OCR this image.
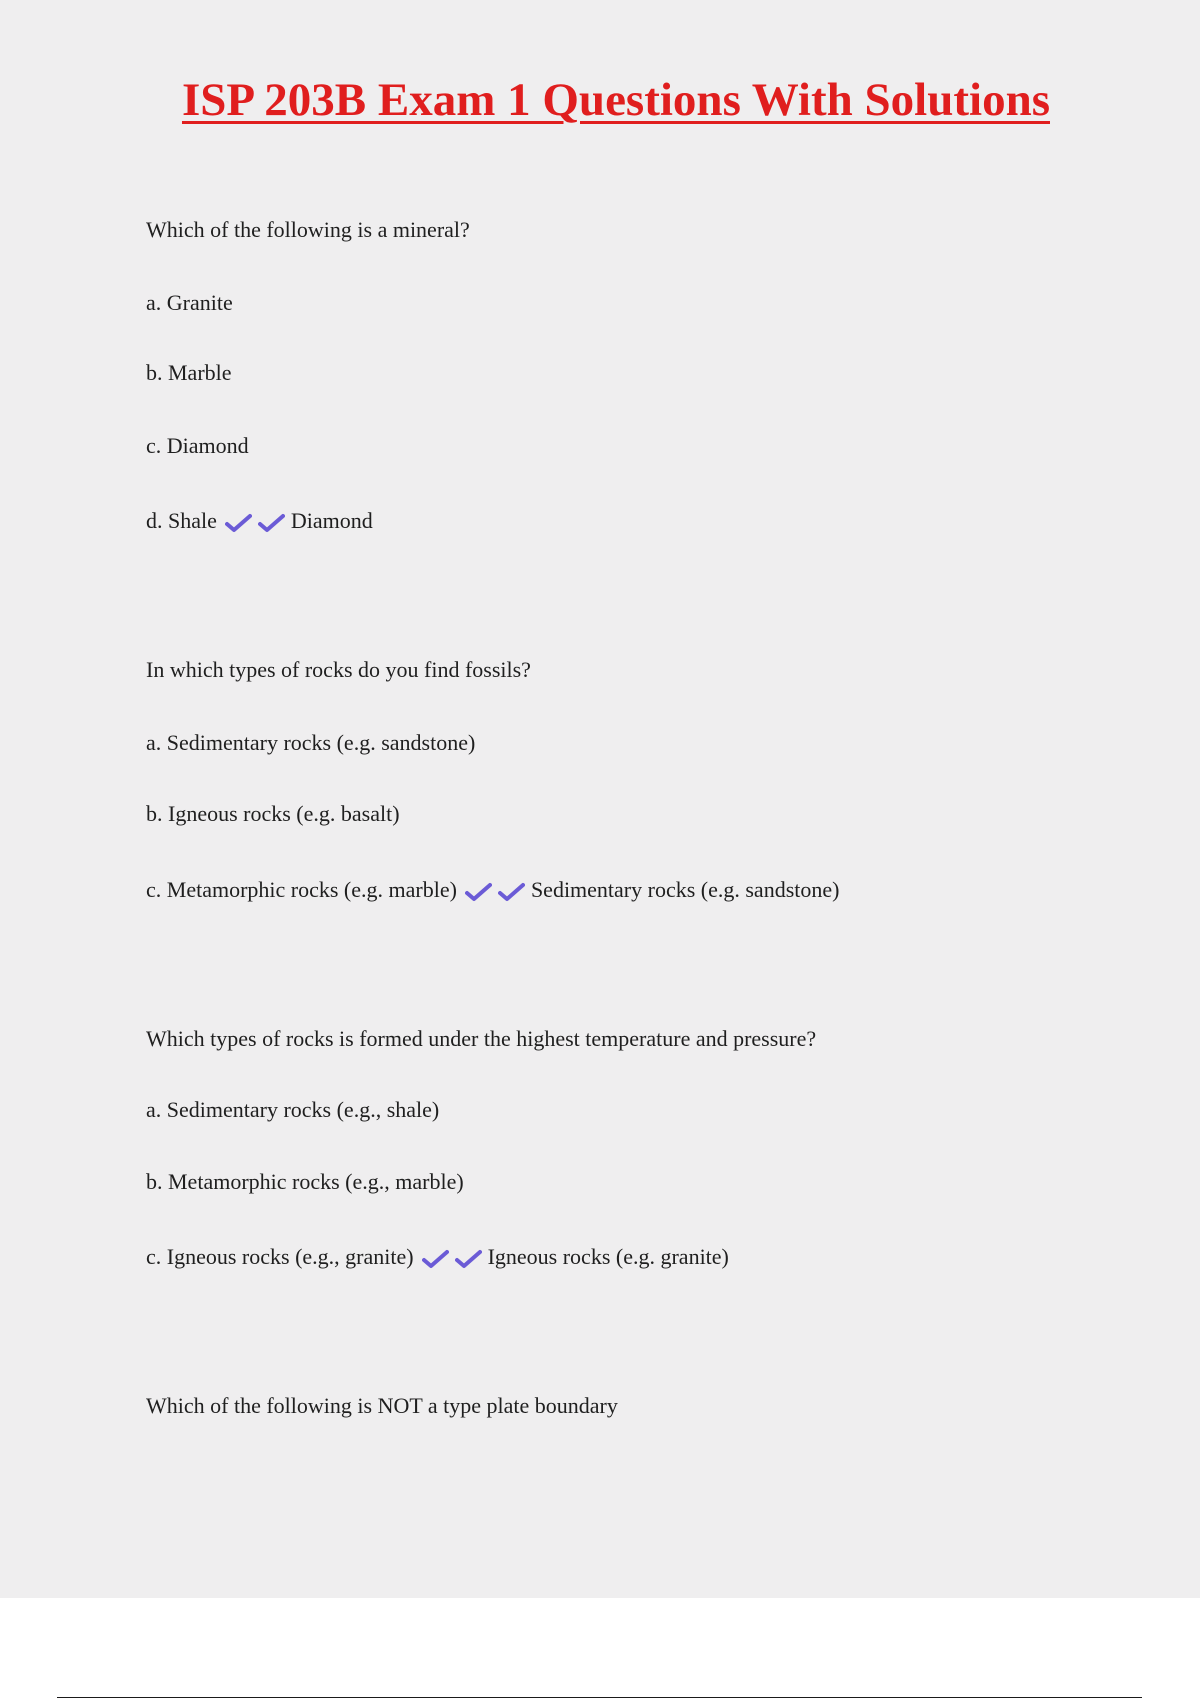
ISP 203B Exam 1 Questions With Solutions

Which of the following is a mineral?

a. Granite

b. Marble

c. Diamond

d. Shale	Diamond

In which types of rocks do you find fossils?

a. Sedimentary rocks (e.g. sandstone)

b. Igneous rocks (e.g. basalt)

c. Metamorphic rocks (e.g. marble)	Sedimentary rocks (e.g. sandstone)

Which types of rocks is formed under the highest temperature and pressure?

a. Sedimentary rocks (e.g., shale)

b. Metamorphic rocks (e.g., marble)

c. Igneous rocks (e.g., granite)	Igneous rocks (e.g. granite)

Which of the following is NOT a type plate boundary
